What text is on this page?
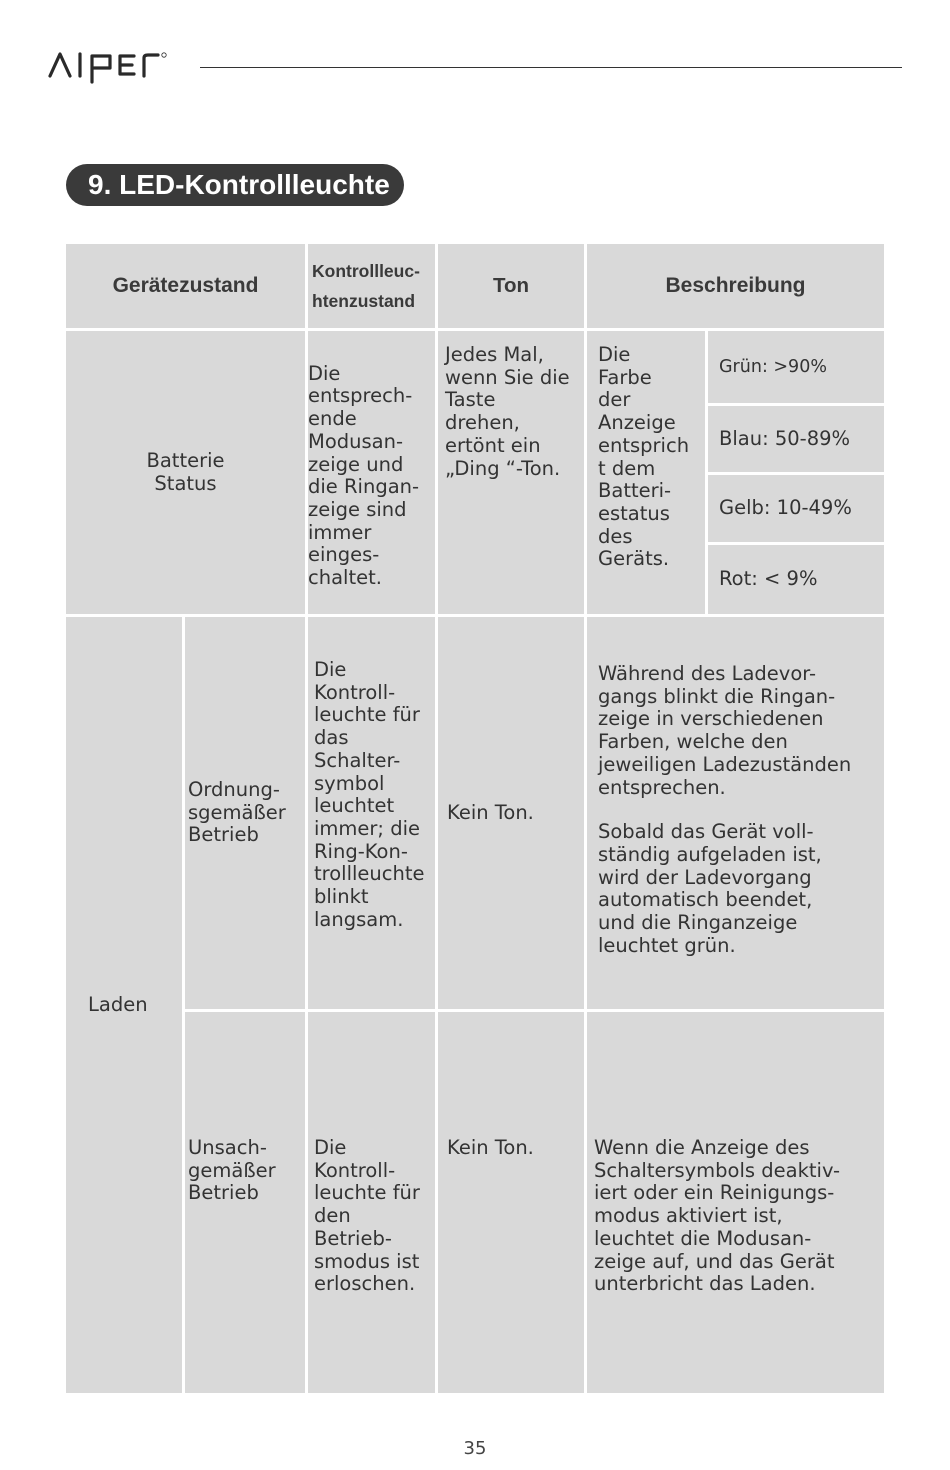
9. LED-Kontrollleuchte
Gerätezustand
Kontrollleuc-
htenzustand
Ton	Beschreibung
Batterie
Status

Die
entsprech-
ende
Modusan-
zeige und
die Ringan-
zeige sind
immer
einges-
chaltet.

Jedes Mal,
wenn Sie die
Taste
drehen,
ertönt ein
„Ding “-Ton.
Die
Farbe
der
Anzeige
entsprich
t dem
Batteri-
estatus
des
Geräts.
Grün: >90%
Blau: 50-89%
Gelb: 10-49%
Rot: < 9%
Laden
Ordnung-
sgemäßer
Betrieb
Die
Kontroll-
leuchte für
das
Schalter-
symbol
leuchtet
immer; die
Ring-Kon-
trollleuchte
blinkt
langsam.
Kein Ton.
Während des Ladevor-
gangs blinkt die Ringan-
zeige in verschiedenen
Farben, welche den
jeweiligen Ladezuständen
entsprechen.
Sobald das Gerät voll-
ständig aufgeladen ist,
wird der Ladevorgang
automatisch beendet,
und die Ringanzeige
leuchtet grün.
Unsach-
gemäßer
Betrieb
Die
Kontroll-
leuchte für
den
Betrieb-
smodus ist
erloschen.
Kein Ton.	Wenn die Anzeige des
Schaltersymbols deaktiv-
iert oder ein Reinigungs-
modus aktiviert ist,
leuchtet die Modusan-
zeige auf, und das Gerät
unterbricht das Laden.
35
